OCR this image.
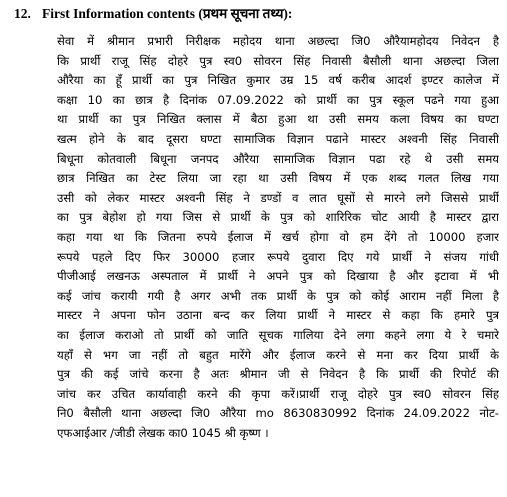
12. First Information contents (प्रथम सूचना तथ्य):
सेवा में श्रीमान प्रभारी निरीक्षक महोदय थाना अछल्दा जि0 औरैयामहोदय निवेदन है
कि प्रार्थी राजू सिंह दोहरे पुत्र स्व0 सोवरन सिंह निवासी बैसौली थाना अछल्दा जिला
औरैया का हूँ प्रार्थी का पुत्र निखित कुमार उम्र 15 वर्ष करीब आदर्श इण्टर कालेज में
कक्षा 10 का छात्र है दिनांक 07.09.2022 को प्रार्थी का पुत्र स्कूल पढने गया हुआ
था प्रार्थी का पुत्र निखित क्लास में बैठा हुआ था उसी समय कला विषय का घण्टा
खत्म होने के बाद दूसरा घण्टा सामाजिक विज्ञान पढाने मास्टर अश्वनी सिंह निवासी
बिधूना कोतवाली बिधूना जनपद औरैया सामाजिक विज्ञान पढा रहे थे उसी समय
छात्र निखित का टेस्ट लिया जा रहा था उसी विषय में एक शब्द गलत लिख गया
उसी को लेकर मास्टर अश्वनी सिंह ने डण्डों व लात घूसों से मारने लगे जिससे प्रार्थी
का पुत्र बेहोश हो गया जिस से प्रार्थी के पुत्र को शारिरिक चोट आयी है मास्टर द्वारा
कहा गया था कि जितना रुपये ईलाज में खर्च होगा वो हम देंगे तो 10000 हजार
रूपये पहले दिए फिर 30000 हजार रूपये दुवारा दिए गये प्रार्थी ने संजय गांधी
पीजीआई लखनऊ अस्पताल में प्रार्थी ने अपने पुत्र को दिखाया है और इटावा में भी
कई जांच करायी गयी है अगर अभी तक प्रार्थी के पुत्र को कोई आराम नहीं मिला है
मास्टर ने अपना फोन उठाना बन्द कर लिया प्रार्थी ने मास्टर से कहा कि हमारे पुत्र
का ईलाज कराओ तो प्रार्थी को जाति सूचक गालिया देने लगा कहने लगा ये रे चमारे
यहाँ से भग जा नहीं तो बहुत मारेंगे और ईलाज करने से मना कर दिया प्रार्थी के
पुत्र की कई जांचे करना है अतः श्रीमान जी से निवेदन है कि प्रार्थी की रिपोर्ट की
जांच कर उचित कार्यावाही करने की कृपा करें।प्रार्थी राजू दोहरे पुत्र स्व0 सोवरन सिंह
नि0 बैसौली थाना अछल्दा जि0 औरैया mo 8630830992 दिनांक 24.09.2022 नोट-
एफआईआर /जीडी लेखक का0 1045 श्री कृष्ण ।
